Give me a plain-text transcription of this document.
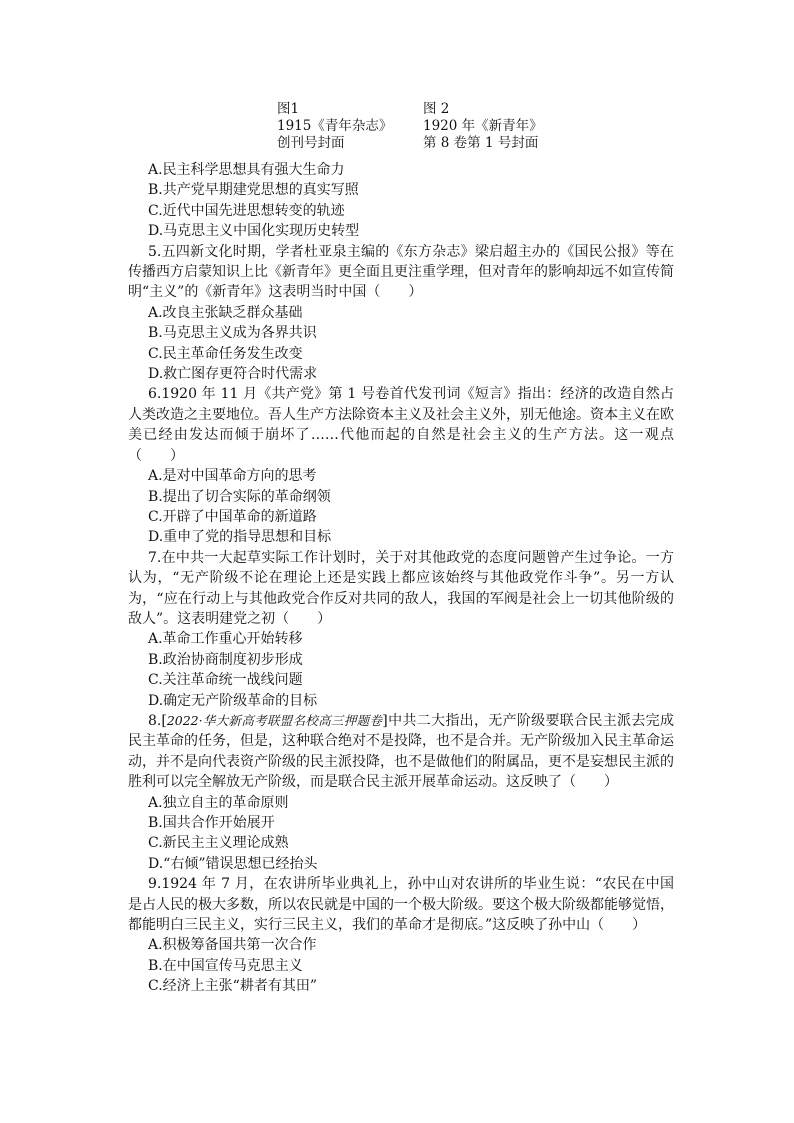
图1
1915《青年杂志》
创刊号封面
图 2
1920 年《新青年》
第 8 卷第 1 号封面

A.民主科学思想具有强大生命力

B.共产党早期建党思想的真实写照

C.近代中国先进思想转变的轨迹

D.马克思主义中国化实现历史转型

5.五四新文化时期，学者杜亚泉主编的《东方杂志》梁启超主办的《国民公报》等在传播西方启蒙知识上比《新青年》更全面且更注重学理，但对青年的影响却远不如宣传简明“主义”的《新青年》这表明当时中国（　　）

A.改良主张缺乏群众基础

B.马克思主义成为各界共识

C.民主革命任务发生改变

D.救亡图存更符合时代需求

6.1920 年 11 月《共产党》第 1 号卷首代发刊词《短言》指出：经济的改造自然占人类改造之主要地位。吾人生产方法除资本主义及社会主义外，别无他途。资本主义在欧美已经由发达而倾于崩坏了……代他而起的自然是社会主义的生产方法。这一观点（　　）

A.是对中国革命方向的思考

B.提出了切合实际的革命纲领

C.开辟了中国革命的新道路

D.重申了党的指导思想和目标

7.在中共一大起草实际工作计划时，关于对其他政党的态度问题曾产生过争论。一方认为，“无产阶级不论在理论上还是实践上都应该始终与其他政党作斗争”。另一方认为，“应在行动上与其他政党合作反对共同的敌人，我国的军阀是社会上一切其他阶级的敌人”。这表明建党之初（　　）

A.革命工作重心开始转移

B.政治协商制度初步形成

C.关注革命统一战线问题

D.确定无产阶级革命的目标

8.[2022·华大新高考联盟名校高三押题卷]中共二大指出，无产阶级要联合民主派去完成民主革命的任务，但是，这种联合绝对不是投降，也不是合并。无产阶级加入民主革命运动，并不是向代表资产阶级的民主派投降，也不是做他们的附属品，更不是妄想民主派的胜利可以完全解放无产阶级，而是联合民主派开展革命运动。这反映了（　　）

A.独立自主的革命原则

B.国共合作开始展开

C.新民主主义理论成熟

D.“右倾”错误思想已经抬头

9.1924 年 7 月，在农讲所毕业典礼上，孙中山对农讲所的毕业生说：“农民在中国是占人民的极大多数，所以农民就是中国的一个极大阶级。要这个极大阶级都能够觉悟，都能明白三民主义，实行三民主义，我们的革命才是彻底。”这反映了孙中山（　　）

A.积极筹备国共第一次合作

B.在中国宣传马克思主义

C.经济上主张“耕者有其田”
